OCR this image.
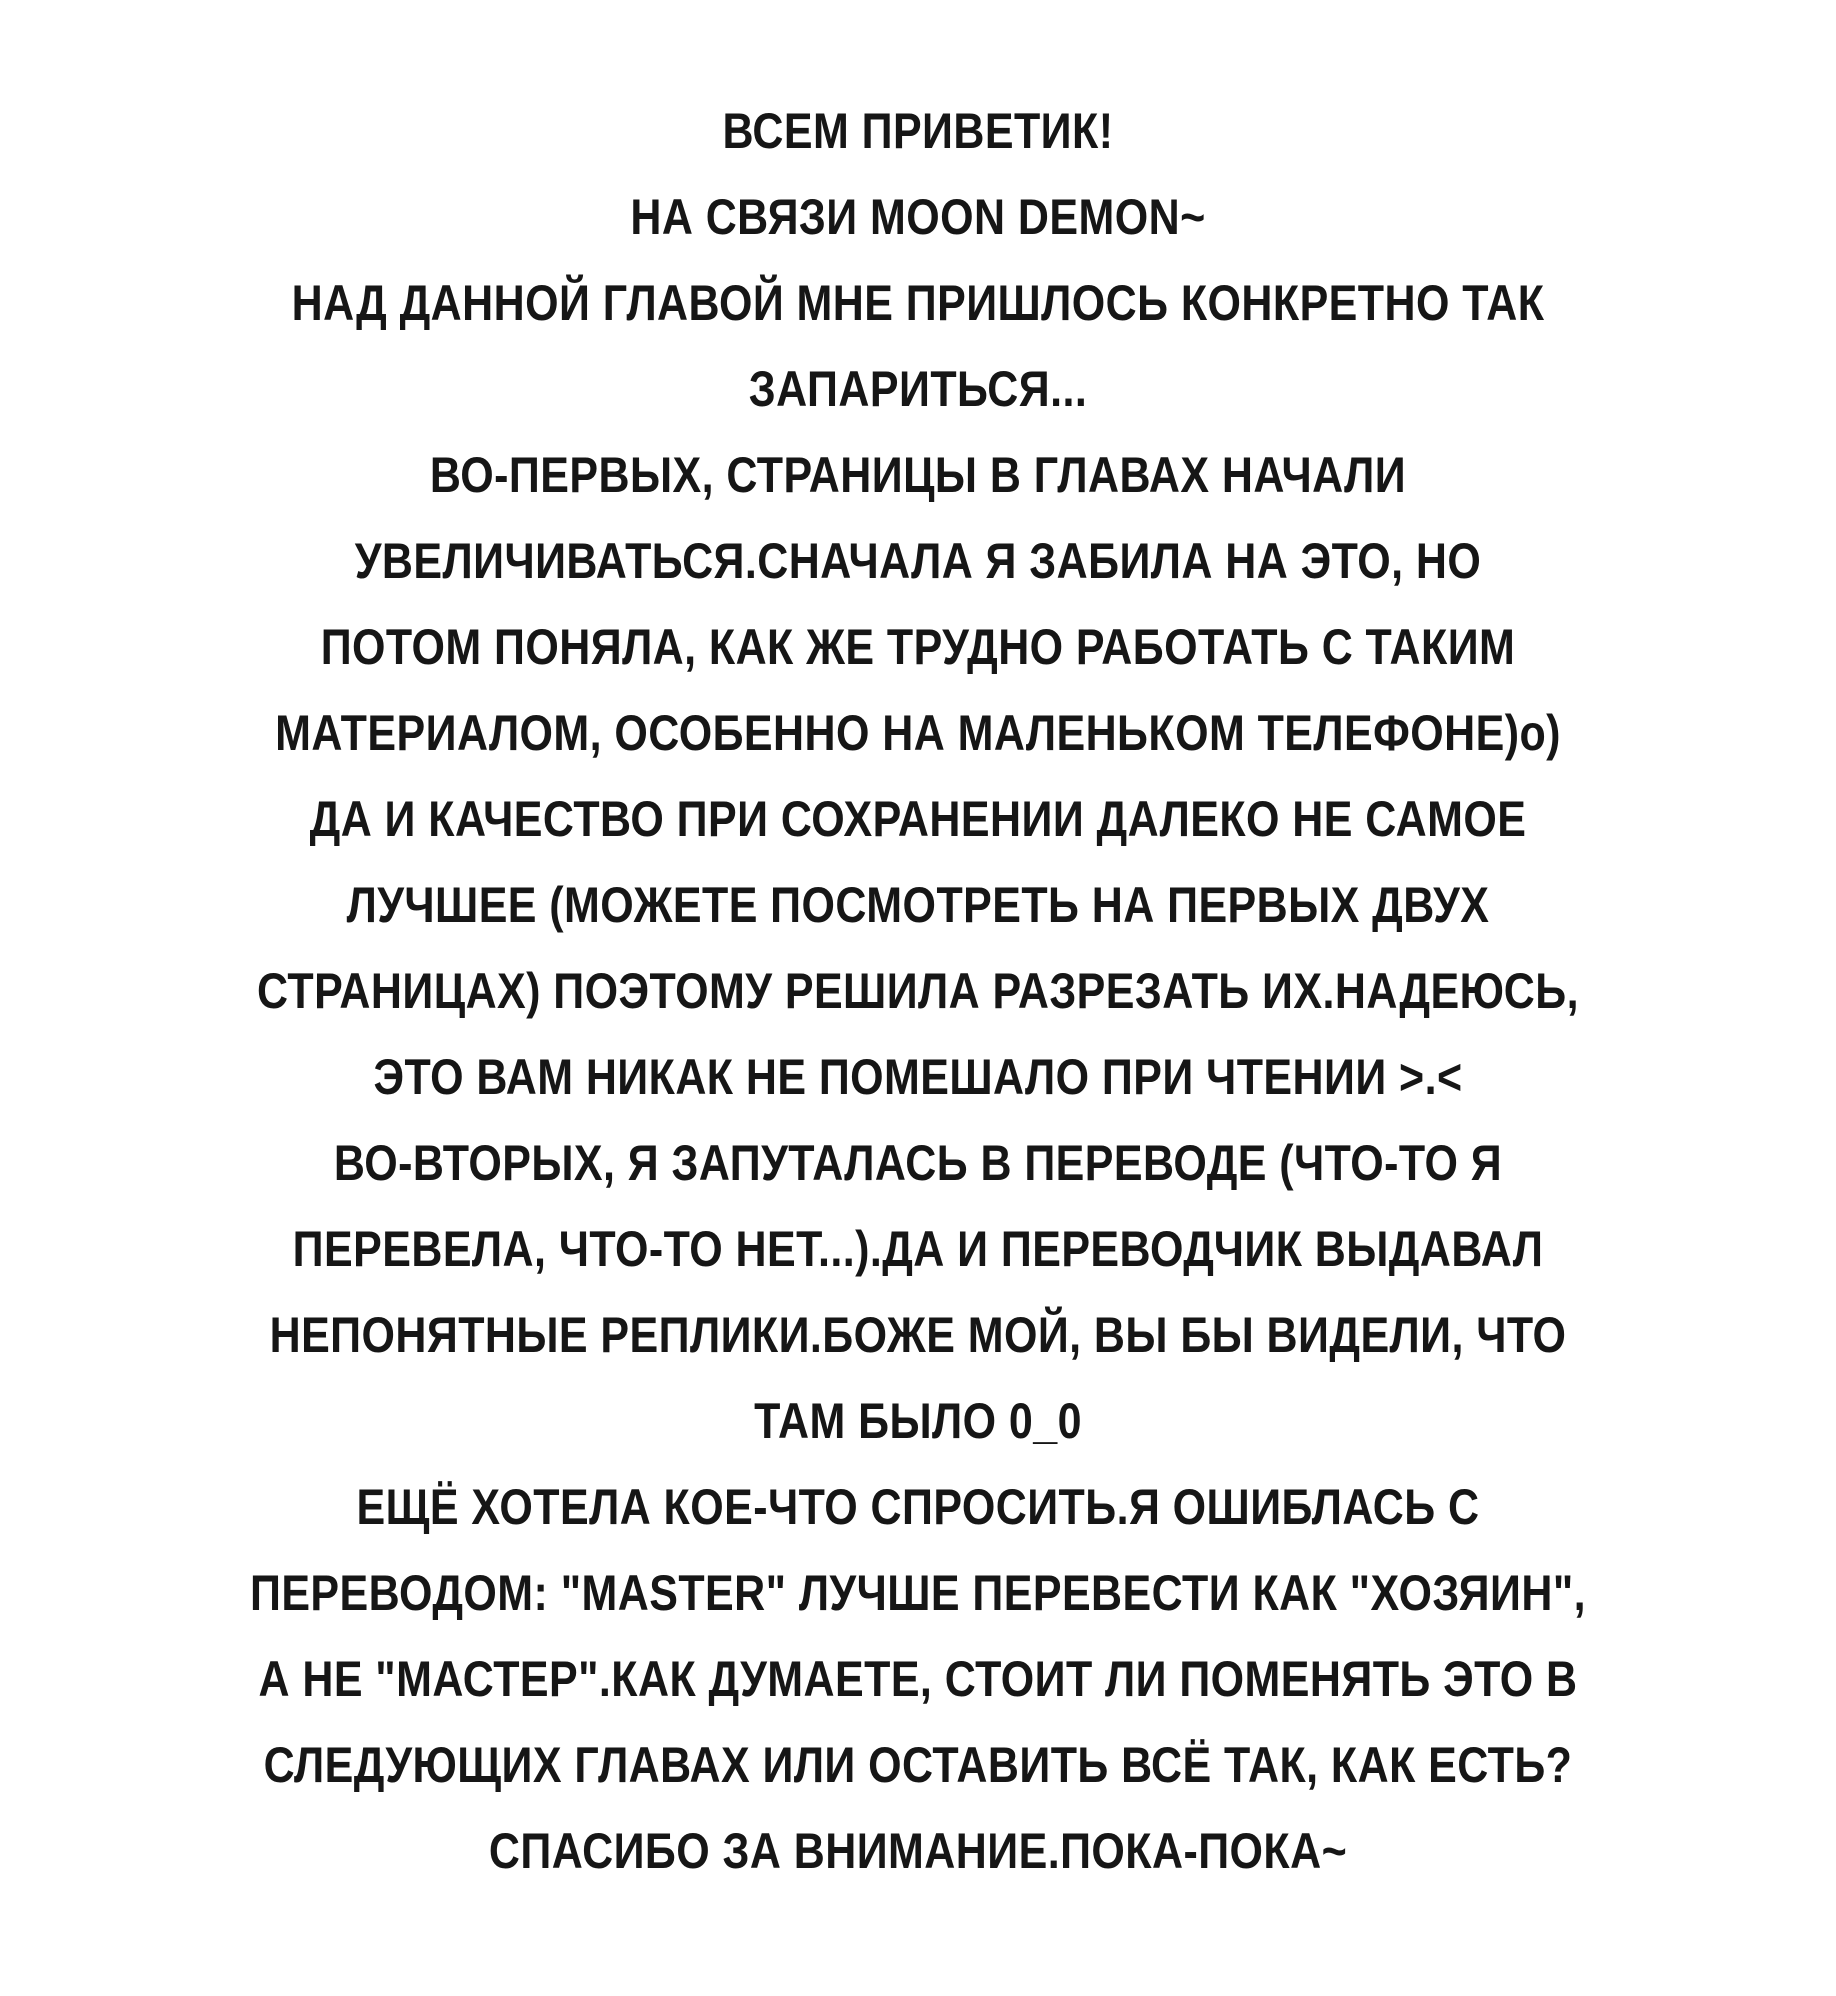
ВСЕМ ПРИВЕТИК!
НА СВЯЗИ MOON DEMON~
НАД ДАННОЙ ГЛАВОЙ МНЕ ПРИШЛОСЬ КОНКРЕТНО ТАК
ЗАПАРИТЬСЯ...
ВО-ПЕРВЫХ, СТРАНИЦЫ В ГЛАВАХ НАЧАЛИ
УВЕЛИЧИВАТЬСЯ.СНАЧАЛА Я ЗАБИЛА НА ЭТО, НО
ПОТОМ ПОНЯЛА, КАК ЖЕ ТРУДНО РАБОТАТЬ С ТАКИМ
МАТЕРИАЛОМ, ОСОБЕННО НА МАЛЕНЬКОМ ТЕЛЕФОНЕ)о)
ДА И КАЧЕСТВО ПРИ СОХРАНЕНИИ ДАЛЕКО НЕ САМОЕ
ЛУЧШЕЕ (МОЖЕТЕ ПОСМОТРЕТЬ НА ПЕРВЫХ ДВУХ
СТРАНИЦАХ) ПОЭТОМУ РЕШИЛА РАЗРЕЗАТЬ ИХ.НАДЕЮСЬ,
ЭТО ВАМ НИКАК НЕ ПОМЕШАЛО ПРИ ЧТЕНИИ >.<
ВО-ВТОРЫХ, Я ЗАПУТАЛАСЬ В ПЕРЕВОДЕ (ЧТО-ТО Я
ПЕРЕВЕЛА, ЧТО-ТО НЕТ...).ДА И ПЕРЕВОДЧИК ВЫДАВАЛ
НЕПОНЯТНЫЕ РЕПЛИКИ.БОЖЕ МОЙ, ВЫ БЫ ВИДЕЛИ, ЧТО
ТАМ БЫЛО 0_0
ЕЩЁ ХОТЕЛА КОЕ-ЧТО СПРОСИТЬ.Я ОШИБЛАСЬ С
ПЕРЕВОДОМ: "MASTER" ЛУЧШЕ ПЕРЕВЕСТИ КАК "ХОЗЯИН",
А НЕ "МАСТЕР".КАК ДУМАЕТЕ, СТОИТ ЛИ ПОМЕНЯТЬ ЭТО В
СЛЕДУЮЩИХ ГЛАВАХ ИЛИ ОСТАВИТЬ ВСЁ ТАК, КАК ЕСТЬ?
СПАСИБО ЗА ВНИМАНИЕ.ПОКА-ПОКА~
